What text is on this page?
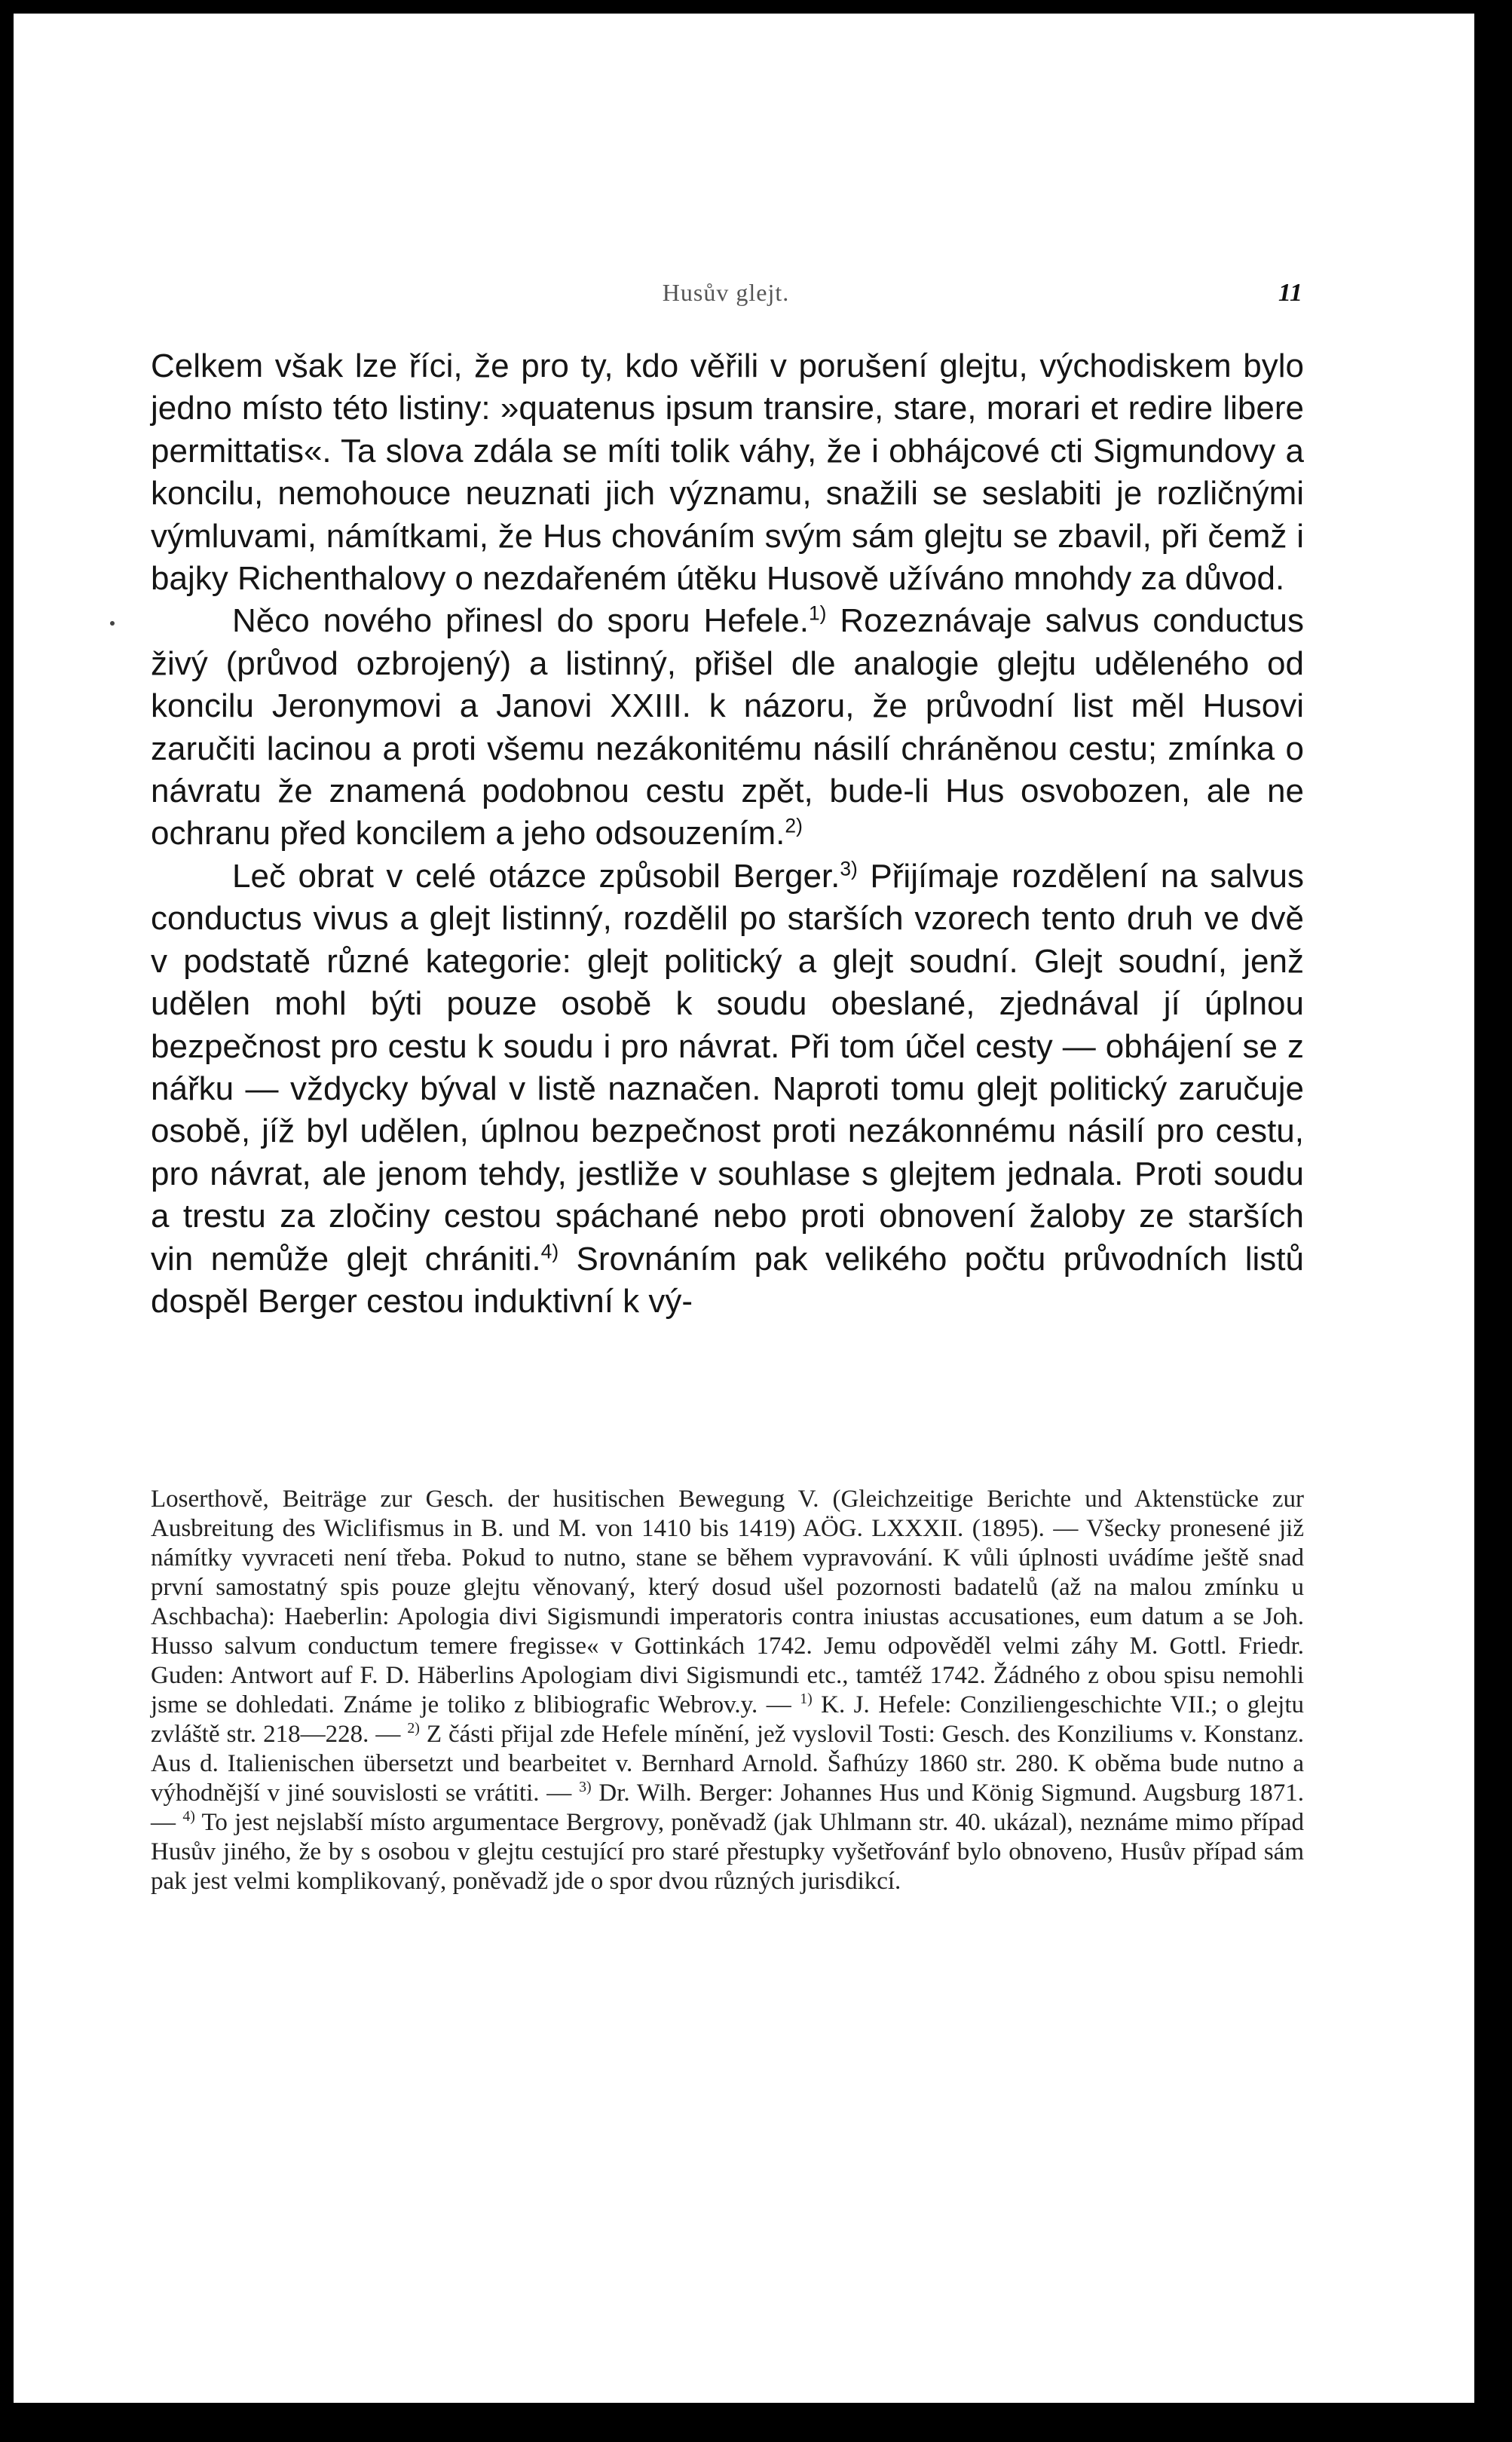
Husův glejt.	11

Celkem však lze říci, že pro ty, kdo věřili v porušení glejtu, východiskem bylo jedno místo této listiny: »quatenus ipsum transire, stare, morari et redire libere permittatis«. Ta slova zdála se míti tolik váhy, že i obhájcové cti Sigmundovy a koncilu, nemohouce neuznati jich významu, snažili se seslabiti je rozličnými výmluvami, námítkami, že Hus chováním svým sám glejtu se zbavil, při čemž i bajky Richenthalovy o nezdařeném útěku Husově užíváno mnohdy za důvod.

Něco nového přinesl do sporu Hefele.$^{1)}$ Rozeznávaje salvus conductus živý (průvod ozbrojený) a listinný, přišel dle analogie glejtu uděleného od koncilu Jeronymovi a Janovi XXIII. k názoru, že průvodní list měl Husovi zaručiti lacinou a proti všemu nezákonitému násilí chráněnou cestu; zmínka o návratu že znamená podobnou cestu zpět, bude-li Hus osvobozen, ale ne ochranu před koncilem a jeho odsouzením.$^{2)}$

Leč obrat v celé otázce způsobil Berger.$^{3)}$ Přijímaje rozdělení na salvus conductus vivus a glejt listinný, rozdělil po starších vzorech tento druh ve dvě v podstatě různé kategorie: glejt politický a glejt soudní. Glejt soudní, jenž udělen mohl býti pouze osobě k soudu obeslané, zjednával jí úplnou bezpečnost pro cestu k soudu i pro návrat. Při tom účel cesty — obhájení se z nářku — vždycky býval v listě naznačen. Naproti tomu glejt politický zaručuje osobě, jíž byl udělen, úplnou bezpečnost proti nezákonnému násilí pro cestu, pro návrat, ale jenom tehdy, jestliže v souhlase s glejtem jednala. Proti soudu a trestu za zločiny cestou spáchané nebo proti obnovení žaloby ze starších vin nemůže glejt chrániti.$^{4)}$ Srovnáním pak velikého počtu průvodních listů dospěl Berger cestou induktivní k vý-

Loserthově, Beiträge zur Gesch. der husitischen Bewegung V. (Gleichzeitige Berichte und Aktenstücke zur Ausbreitung des Wiclifismus in B. und M. von 1410 bis 1419) AÖG. LXXXII. (1895). — Všecky pronesené již námítky vyvraceti není třeba. Pokud to nutno, stane se během vypravování. K vůli úplnosti uvádíme ještě snad první samostatný spis pouze glejtu věnovaný, který dosud ušel pozornosti badatelů (až na malou zmínku u Aschbacha): Haeberlin: Apologia divi Sigismundi imperatoris contra iniustas accusationes, eum datum a se Joh. Husso salvum conductum temere fregisse« v Gottinkách 1742. Jemu odpověděl velmi záhy M. Gottl. Friedr. Guden: Antwort auf F. D. Häberlins Apologiam divi Sigismundi etc., tamtéž 1742. Žádného z obou spisu nemohli jsme se dohledati. Známe je toliko z blibiografic Webrov.y. — $^{1)}$ K. J. Hefele: Conziliengeschichte VII.; o glejtu zvláště str. 218—228. — $^{2)}$ Z části přijal zde Hefele mínění, jež vyslovil Tosti: Gesch. des Konziliums v. Konstanz. Aus d. Italienischen übersetzt und bearbeitet v. Bernhard Arnold. Šafhúzy 1860 str. 280. K oběma bude nutno a výhodnější v jiné souvislosti se vrátiti. — $^{3)}$ Dr. Wilh. Berger: Johannes Hus und König Sigmund. Augsburg 1871. — $^{4)}$ To jest nejslabší místo argumentace Bergrovy, poněvadž (jak Uhlmann str. 40. ukázal), neznáme mimo případ Husův jiného, že by s osobou v glejtu cestující pro staré přestupky vyšetřovánf bylo obnoveno, Husův případ sám pak jest velmi komplikovaný, poněvadž jde o spor dvou různých jurisdikcí.
